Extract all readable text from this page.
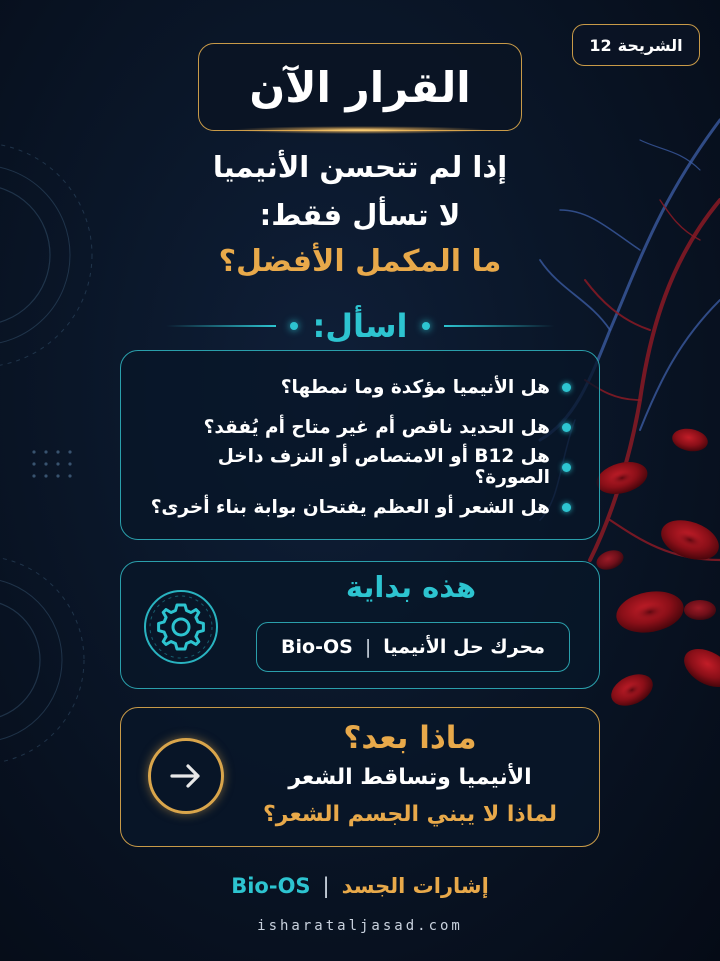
الشريحة
12
القرار الآن
إذا لم تتحسن الأنيميا
لا تسأل فقط:
ما المكمل الأفضل؟
اسأل:
هل الأنيميا مؤكدة وما نمطها؟
هل الحديد ناقص أم غير متاح أم يُفقد؟
هل B12 أو الامتصاص أو النزف داخل الصورة؟
هل الشعر أو العظم يفتحان بوابة بناء أخرى؟
هذه بداية
محرك حل الأنيميا
|
Bio-OS
ماذا بعد؟
الأنيميا وتساقط الشعر
لماذا لا يبني الجسم الشعر؟
إشارات الجسد
|
Bio-OS
isharataljasad.com
